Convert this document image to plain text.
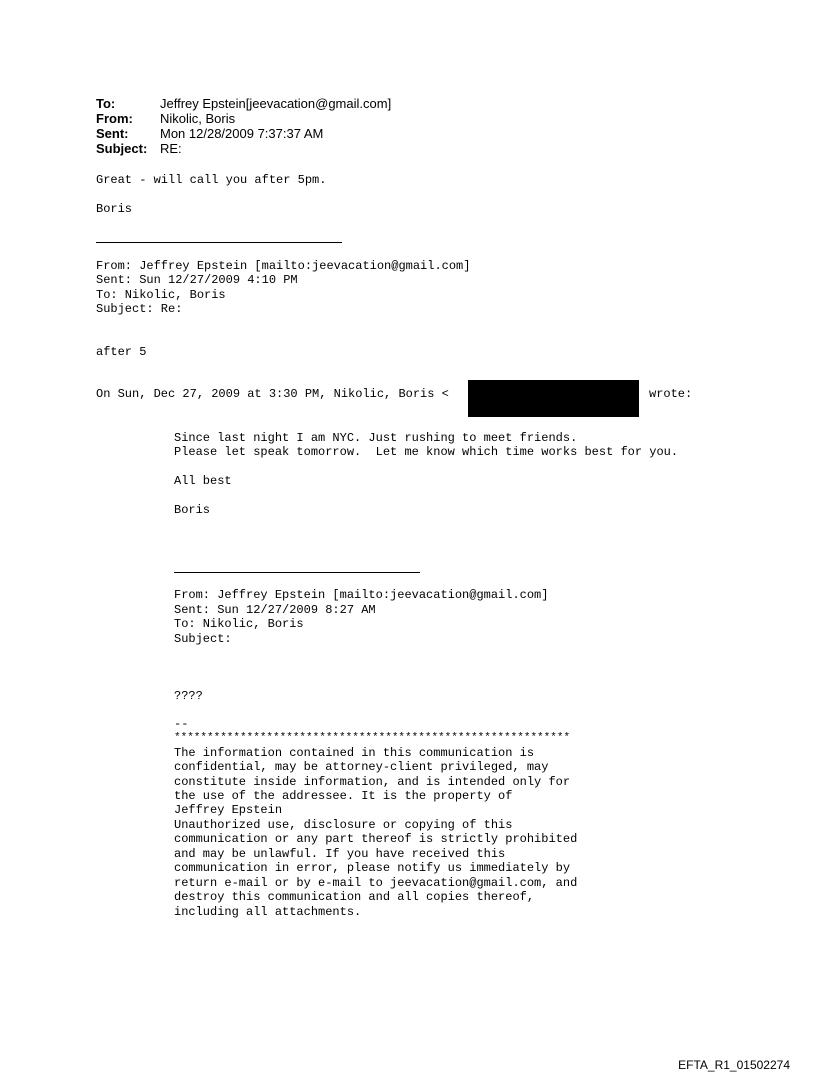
To:	Jeffrey Epstein[jeevacation@gmail.com]
From:	Nikolic, Boris
Sent:	Mon 12/28/2009 7:37:37 AM
Subject: RE:
Great - will call you after 5pm.
Boris
From: Jeffrey Epstein [mailto:jeevacation@gmail.com]
Sent: Sun 12/27/2009 4:10 PM
To: Nikolic, Boris
Subject: Re:
after 5
On Sun, Dec 27, 2009 at 3:30 PM, Nikolic, Boris <	wrote:
Since last night I am NYC. Just rushing to meet friends.
Please let speak tomorrow.  Let me know which time works best for you.
All best
Boris
From: Jeffrey Epstein [mailto:jeevacation@gmail.com]
Sent: Sun 12/27/2009 8:27 AM
To: Nikolic, Boris
Subject:
????
--
************************************************************
The information contained in this communication is
confidential, may be attorney-client privileged, may
constitute inside information, and is intended only for
the use of the addressee. It is the property of
Jeffrey Epstein
Unauthorized use, disclosure or copying of this
communication or any part thereof is strictly prohibited
and may be unlawful. If you have received this
communication in error, please notify us immediately by
return e-mail or by e-mail to jeevacation@gmail.com, and
destroy this communication and all copies thereof,
including all attachments.
EFTA_R1_01502274
